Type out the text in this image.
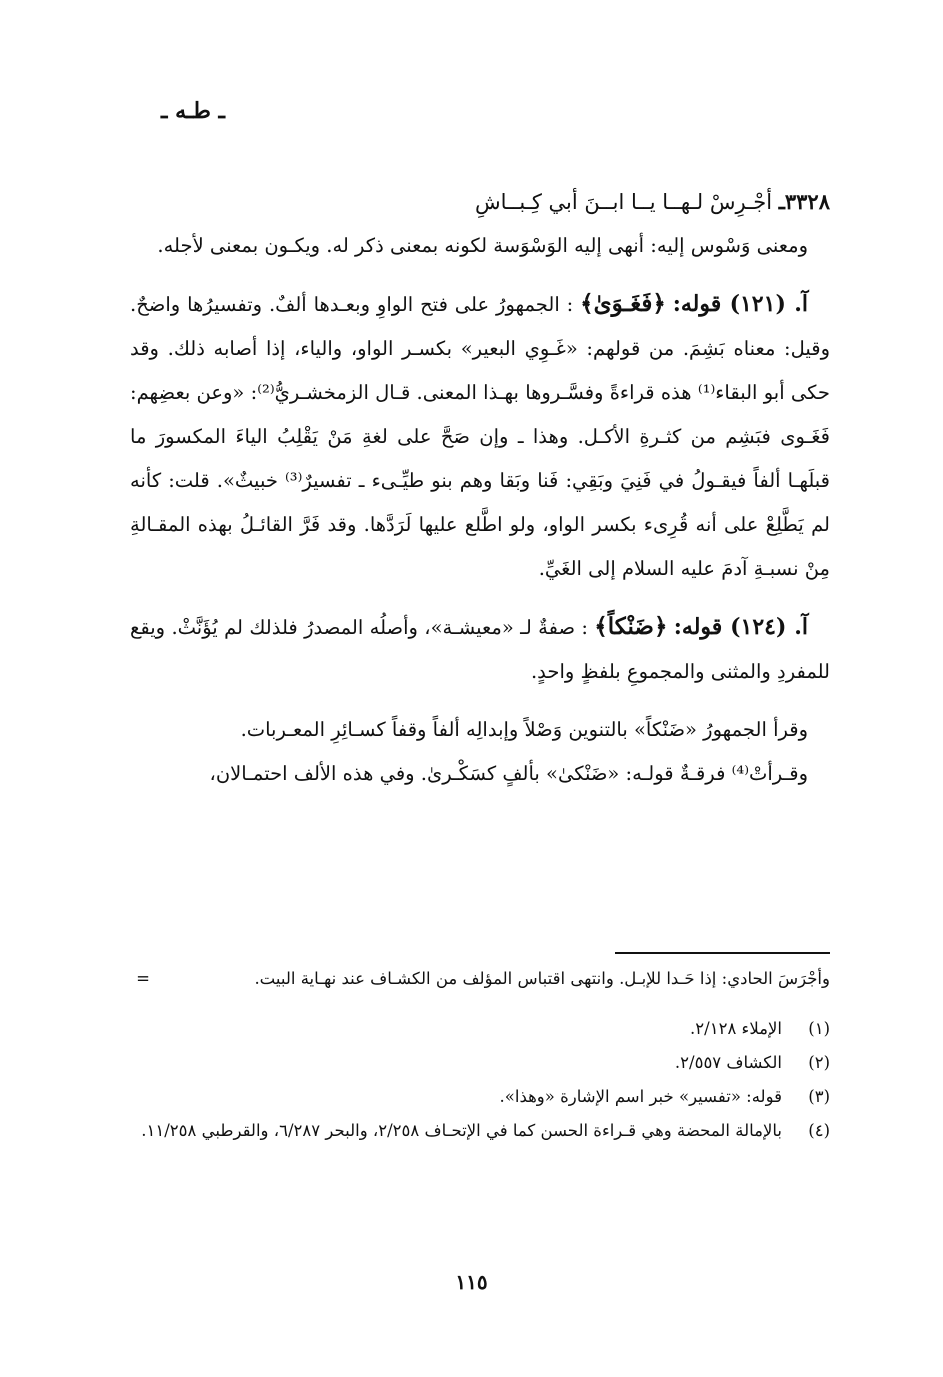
ـ طـه ـ

٣٣٢٨ـ أجْـرِسْ لـهــا يــا ابــنَ أبي كِـبــاشِ

ومعنى وَسْوس إليه: أنهى إليه الوَسْوَسة لكونه بمعنى ذكر له. ويكـون بمعنى لأجله.

آ. (١٢١) قوله: ﴿فَغَـوَىٰ﴾ : الجمهورُ على فتح الواوِ وبعـدها ألفٌ. وتفسيرُها واضحٌ. وقيل: معناه بَشِمَ. من قولهم: «غَـوِي البعير» بكسـر الواو، والياء، إذا أصابه ذلك. وقد حكى أبو البقاء⁽¹⁾ هذه قراءةً وفسَّـروها بهـذا المعنى. قـال الزمخشـريُّ⁽²⁾: «وعن بعضِهم: فَغَـوى فبَشِم من كثـرةِ الأكـل. وهذا ـ وإن صَحَّ على لغةِ مَنْ يَقْلِبُ الياءَ المكسورَ ما قبلَهـا ألفاً فيقـولُ في فَنِيَ وبَقِي: فَنا وبَقا وهم بنو طيِّـىء ـ تفسيرٌ⁽³⁾ خبيثٌ». قلت: كأنه لم يَطَّلِعْ على أنه قُرِىء بكسر الواو، ولو اطَّلع عليها لَرَدَّها. وقد فَرَّ القائـلُ بهذه المقـالةِ مِنْ نسبـةِ آدمَ عليه السلام إلى الغَيِّ.

آ. (١٢٤) قوله: ﴿ضَنْكاً﴾ : صفةٌ لـ «معيشـة»، وأصلُه المصدرُ فلذلك لم يُؤَنَّثْ. ويقع للمفردِ والمثنى والمجموعِ بلفظٍ واحدٍ.

وقرأ الجمهورُ «ضَنْكاً» بالتنوين وَصْلاً وإبدالِه ألفاً وقفاً كسـائِرِ المعـربات.

وقـرأتْ⁽⁴⁾ فرقـةٌ قولـه: «ضَنْكىٰ» بألفٍ كسَكْـرىٰ. وفي هذه الألف احتمـالان،

وأجْرَسَ الحادي: إذا حَـدا للإبـل. وانتهى اقتباس المؤلف من الكشـاف عند نهـاية البيت.
=
(١)
الإملاء ٢/١٢٨.
(٢)
الكشاف ٢/٥٥٧.
(٣)
قوله: «تفسير» خبر اسم الإشارة «وهذا».
(٤)
بالإمالة المحضة وهي قـراءة الحسن كما في الإتحـاف ٢/٢٥٨، والبحر ٦/٢٨٧، والقرطبي ١١/٢٥٨.
١١٥
